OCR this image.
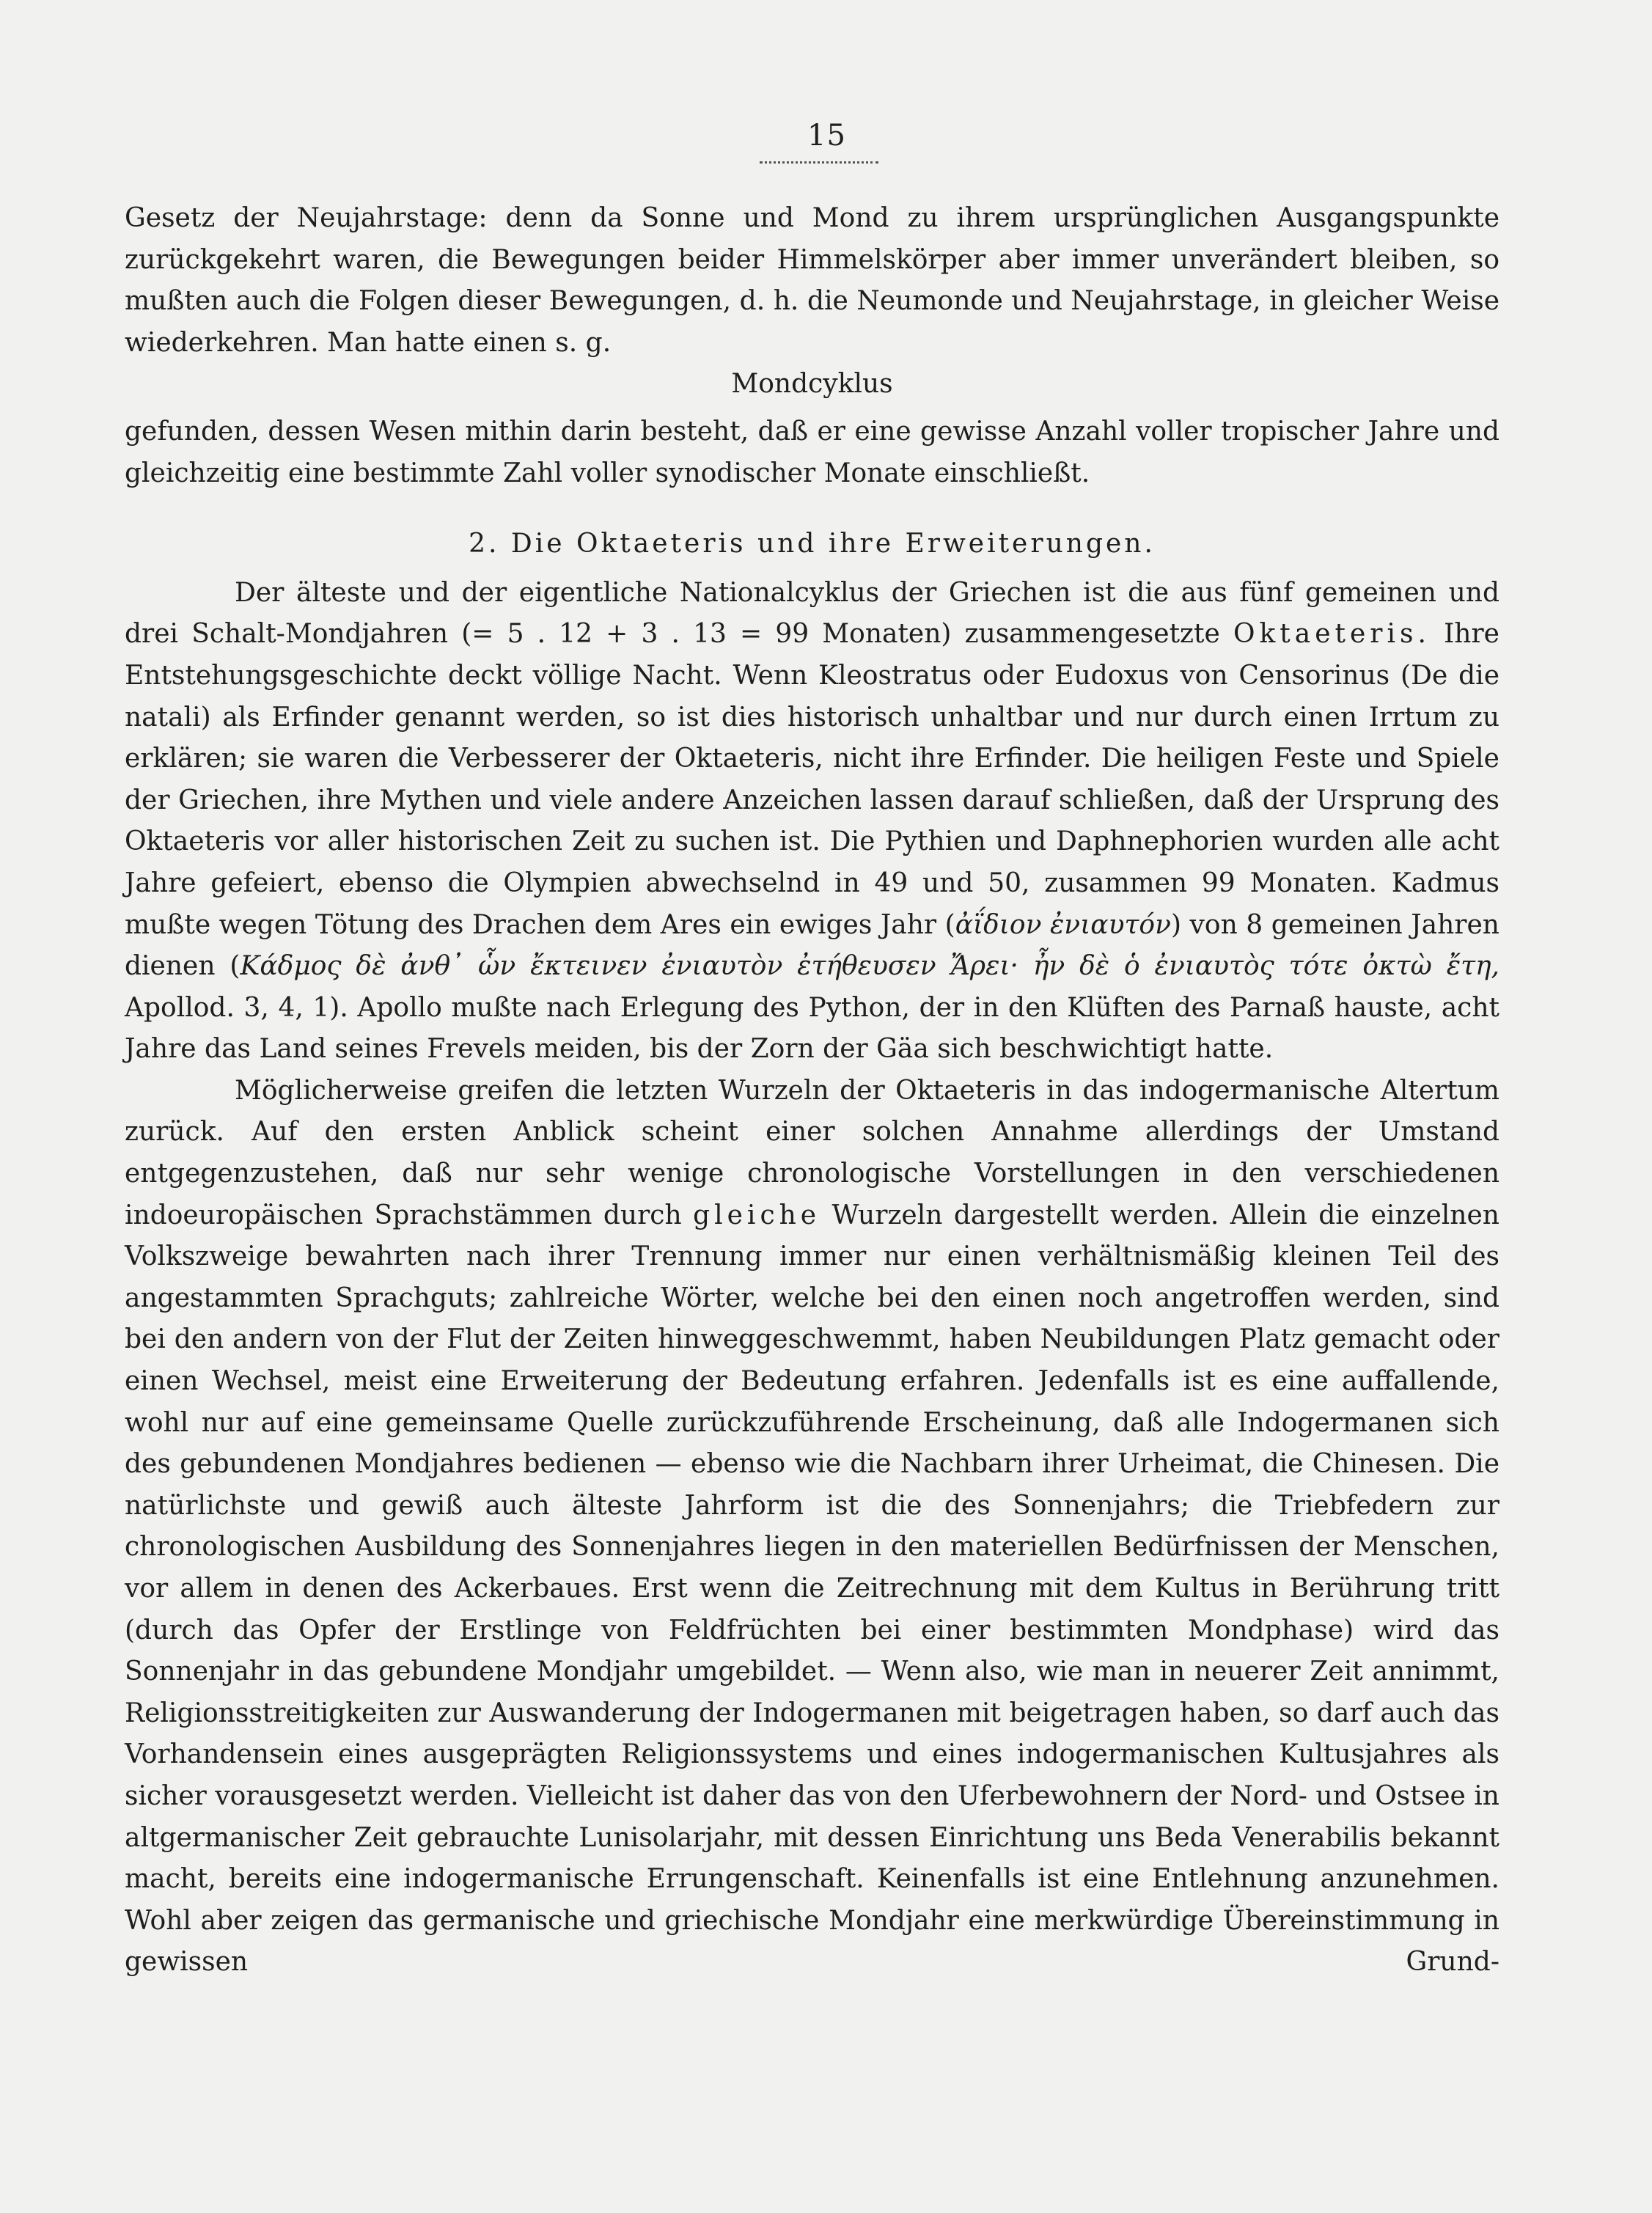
15

Gesetz der Neujahrstage: denn da Sonne und Mond zu ihrem ursprünglichen Ausgangspunkte zurückgekehrt waren, die Bewegungen beider Himmelskörper aber immer unverändert bleiben, so mußten auch die Folgen dieser Bewegungen, d. h. die Neumonde und Neujahrstage, in gleicher Weise wiederkehren. Man hatte einen s. g.

Mondcyklus

gefunden, dessen Wesen mithin darin besteht, daß er eine gewisse Anzahl voller tropischer Jahre und gleichzeitig eine bestimmte Zahl voller synodischer Monate einschließt.

2. Die Oktaeteris und ihre Erweiterungen.

Der älteste und der eigentliche Nationalcyklus der Griechen ist die aus fünf gemeinen und drei Schalt-Mondjahren (= 5 . 12 + 3 . 13 = 99 Monaten) zusammengesetzte Oktaeteris. Ihre Entstehungsgeschichte deckt völlige Nacht. Wenn Kleostratus oder Eudoxus von Censorinus (De die natali) als Erfinder genannt werden, so ist dies historisch unhaltbar und nur durch einen Irrtum zu erklären; sie waren die Verbesserer der Oktaeteris, nicht ihre Erfinder. Die heiligen Feste und Spiele der Griechen, ihre Mythen und viele andere Anzeichen lassen darauf schließen, daß der Ursprung des Oktaeteris vor aller historischen Zeit zu suchen ist. Die Pythien und Daphnephorien wurden alle acht Jahre gefeiert, ebenso die Olympien abwechselnd in 49 und 50, zusammen 99 Monaten. Kadmus mußte wegen Tötung des Drachen dem Ares ein ewiges Jahr (ἀΐδιον ἐνιαυτόν) von 8 gemeinen Jahren dienen (Κάδμος δὲ ἀνθ᾽ ὧν ἔκτεινεν ἐνιαυτὸν ἐτήθευσεν Ἄρει· ἦν δὲ ὁ ἐνιαυτὸς τότε ὀκτὼ ἔτη, Apollod. 3, 4, 1). Apollo mußte nach Erlegung des Python, der in den Klüften des Parnaß hauste, acht Jahre das Land seines Frevels meiden, bis der Zorn der Gäa sich beschwichtigt hatte.

Möglicherweise greifen die letzten Wurzeln der Oktaeteris in das indogermanische Altertum zurück. Auf den ersten Anblick scheint einer solchen Annahme allerdings der Umstand entgegenzustehen, daß nur sehr wenige chronologische Vorstellungen in den verschiedenen indoeuropäischen Sprachstämmen durch gleiche Wurzeln dargestellt werden. Allein die einzelnen Volkszweige bewahrten nach ihrer Trennung immer nur einen verhältnismäßig kleinen Teil des angestammten Sprachguts; zahlreiche Wörter, welche bei den einen noch angetroffen werden, sind bei den andern von der Flut der Zeiten hinweggeschwemmt, haben Neubildungen Platz gemacht oder einen Wechsel, meist eine Erweiterung der Bedeutung erfahren. Jedenfalls ist es eine auffallende, wohl nur auf eine gemeinsame Quelle zurückzuführende Erscheinung, daß alle Indogermanen sich des gebundenen Mondjahres bedienen — ebenso wie die Nachbarn ihrer Urheimat, die Chinesen. Die natürlichste und gewiß auch älteste Jahrform ist die des Sonnenjahrs; die Triebfedern zur chronologischen Ausbildung des Sonnenjahres liegen in den materiellen Bedürfnissen der Menschen, vor allem in denen des Ackerbaues. Erst wenn die Zeitrechnung mit dem Kultus in Berührung tritt (durch das Opfer der Erstlinge von Feldfrüchten bei einer bestimmten Mondphase) wird das Sonnenjahr in das gebundene Mondjahr umgebildet. — Wenn also, wie man in neuerer Zeit annimmt, Religionsstreitigkeiten zur Auswanderung der Indogermanen mit beigetragen haben, so darf auch das Vorhandensein eines ausgeprägten Religionssystems und eines indogermanischen Kultusjahres als sicher vorausgesetzt werden. Vielleicht ist daher das von den Uferbewohnern der Nord- und Ostsee in altgermanischer Zeit gebrauchte Lunisolarjahr, mit dessen Einrichtung uns Beda Venerabilis bekannt macht, bereits eine indogermanische Errungenschaft. Keinenfalls ist eine Entlehnung anzunehmen. Wohl aber zeigen das germanische und griechische Mondjahr eine merkwürdige Übereinstimmung in gewissen Grund-
